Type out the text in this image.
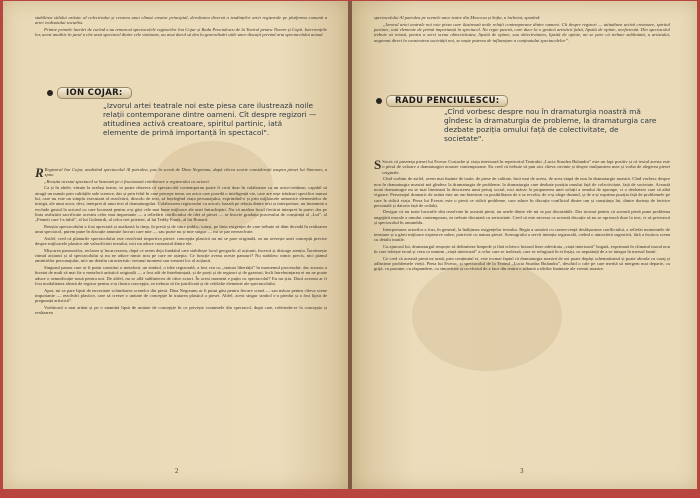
stabilirea stilului artistic al colectivului și crearea unui climat creator principial, devoltarea diversă a tendințelor artei regizorale pe platforma comună a artei realismului socialist.

Printre primele lucrări de curînd s-au remarcat spectacolele regizorilor Ion Cojar și Radu Penciulescu de la Teatrul pentru Tineret și Copii. Intervențiile lor, acest analitic în jurul a cîte unui spectacol dintre cele vizionate, au avut darul să dea la generalizări utile unor discuții privind arta spectacolului actual.

ION COJAR:
„Izvorul artei teatrale noi este piesa care ilustrează noile relații contemporane dintre oameni. Cît despre regizori — atitudinea activă creatoare, spiritul partinic, iată elemente de primă importanță în spectacol".

R Regizorul Ion Cojar, analizînd spectacolul Al patrulea, pus în scenă de Dina Negreanu, după cîteva scurte considerații asupra piesei lui Simonov, a spus:

„Reușita acestui spectacol se bazează pe o fructuoasă colaborare a regizorului cu actorii.

Ca și în altele, văzute la același teatru, se poate observa că spectacolul contemporan poate fi croit doar în colaborare cu un actor-cetățean, capabil să atragă un număr prin calitățile sale scenice, dar și prin felul în care percepe tema, un actor care posedă o inteligență vie, care are nișe trăsături specifice numai lui, care nu este un simplu executant al rezolvării, dincolo de text, să înțelegînd viața personajului, exprimînd-o și prin mijloacele armonice elementelor de intrigă, ale unui actor, deci, interpret al unui text al dramaturgului. Colaborarea regizorului cu actorii, bazată pe relația dintre text și interpretare, nu înseamnă a exclude gustul la actorul cu care lucrează pentru a-și găsi cele mai bune mijloace ale unei întruchipări. Nu vă analiza locul fiecărui interpret în parte; dar pe linia realizării sacrificate acestea celor mai importante — a reliefării conflictului de idei al piesei — se înscrie gradația procesului de conștiință al „Lui”, al „Femeii care l-a iubit”, al lui Guletardi, al celor trei prieteni, al lui Teddy Frank, al lui Bonard.

Reușita spectacolului a fost apreciată și analizată la timp, în presă și de către public; totuși, pe linia exigenței de care trebuie să dăm dovadă în realizarea unui spectacol, putem pune în discuție anumite lucruri care mie — sau poate nu și mie singur — mi se par nerezolvate.

Astfel, cred că planurile spectacolului este rezolvată importiva piesei: concepția plastică nu mi se pare originală, ea nu servește unei concepții precise despre mijloacele plastice ale valorificării textului, nici nu aduce contrastul dintre ele.

Mișcarea pamourilor, reclarea și încarcerarea, după ce avem deja fundalul care stabilește locul geografic al acțiunii, încercă și distrage atenția. Încetinește ritmul acțiunii și al spectacolului și nu ne aduce nimic nou pe care ne aștepta. Ce funcție aveau aceste panouri? Nu stabilesc nimic precis, nici planul amintirilor personajului, nici un detaliu caracteristic vreunui moment sau vreunei loc al acțiunii.

Singurul panou care ar fi putut constitui o metaforă, un simbol, o idee regizorală, a fost cea cu „statuia libertății” în momentul procesului: dar aceasta a încetat de mult să mai fie o metaforă artistică originală — a fost atît de întrebuințată, și de poeți și de regizori și de gazetari, încît întrebuințarea ei nu ne poate aduce o semnificație nouă pentru noi. De altfel, nu se află sublinierea de către actori. În acest moment e puțin cu spectacolul? Eu nu știu. Dacă aceasta ar fi fost modalitatea aleasă de regizor pentru a-și ilustra concepția, ea trebuia să fie justificată și de celelalte elemente ale spectacolului.

Apoi, mi se pare lipsit de necesitate schimbarea scenelor din piesă. Dina Negreanu ar fi putut găsi pentru fiecare scenă — sau măcar pentru cîteva scene importante — rezolvări plastice, care să creeze o unitate de concepție în tratarea plastică a piesei. Altfel, acest singur simbol s-a pierdut și a fost lipsit de pregnanță artistică”.

Vorbitorul a mai arătat și pe o anumită lipsă de unitate de concepție în ce privește costumele din spectacol, după care, referindu-se la concepția și realizarea

2

spectacolului Al patrulea pe scenele unor teatre din Moscova și Sofia, a încheiat, spunînd:

„Izvorul artei teatrale noi este piesa care ilustrează noile relații contemporane dintre oameni. Cît despre regizori — atitudinea activă creatoare, spiritul partinic, iată elemente de primă importanță în spectacol. Nu regie pasivă, care duce la o gestică artistică falsă, lipsită de opinie, neeficientă. Din spectacolul trebuie să reiasă, pentru a servi scena obiectivitatea, lipsită de opinie, sau obiectivitatea, lipsită de opinie, mi se pare că trebuie subliniată, a artistului, angrenat direct în construirea societății noi, se naște puterea de influențare a conținutului spectacolelor”.

RADU PENCIULESCU:
„Cînd vorbesc despre nou în dramaturgia noastră mă gîndesc la dramaturgia de probleme, la dramaturgia care dezbate poziția omului față de colectivitate, de societate".

S Socot că prezența piesei lui Everac Costache și viața interioară în repertoriul Teatrului „Lucia Sturdza Bulandra” este un fapt pozitiv și că textul acesta este o piesă de valoare a dramaturgiei noastre contemporane. Eu cred că trebuie să pun aici cîteva cuvinte și despre mulțumirea mea și vorba de alegerea piesei originale.

Cînd vorbim de astfel, avem mai înainte de toate, de piese de calitate, încă mai de aceea, de acea etapă de nou în dramaturgie noastră. Cînd vorbesc despre nou în dramaturgia noastră mă gîndesc la dramaturgia de probleme, la dramaturgia care dezbate poziția omului față de colectivitate, față de societate. Această nouă dramaturgie nu se mai limitează la descrierea unui peisaj social, nici măcar la propunerea unei soluții a omului de aproape, ci o dezbatere care să aibă vigoare. Personajul dramatic de astăzi este un om înzestrat cu posibilitatea de a se revolta, de a-și alege drumul, și de a-și exprima poziția față de problemele pe care le ridică viața. Piesa lui Everac este o piesă ce ridică probleme, care aduce în discuție conflictul dintre om și conștiința lui, dintre dorința de fericire personală și datoria față de ceilalți.

Desigur că nu toate lucrurile sînt rezolvate în această piesă, iar unele dintre ele mi se par discutabile. Dar tocmai pentru că această piesă pune problema angajării morale a omului contemporan, ea trebuie discutată cu seriozitate. Cred că este necesar ca această discuție să nu se oprească doar la text, ci să privească și spectacolul în ansamblu.

Interpretarea actorilor a fost, în general, la înălțimea exigențelor textului. Regia a urmărit cu consecvență desfășurarea conflictului, a reliefat momentele de tensiune și a găsit mijloace expresive sobre, potrivite cu natura piesei. Scenografia a servit intenția regizorală, creînd o atmosferă sugestivă, fără a încărca scena cu detalii inutile.

Cu ajutorul lui, dramaturgul reușește să delimiteze limpede și fără echivoc hotarul între adevărata „viață interioară” bogată, exprimată în climatul moral nou în care trăiește eroul și ceea ce numim „viață interioară” a celor care se izolează, care se refugiază în ei înșiși, cu neputință de a se integra în mersul lumii.

Ce cred că această piesă ne arată, prin conținutul ei, este tocmai faptul că dramaturgia noastră de azi poate depăși schematismul și poate aborda cu curaj și adîncime problemele vieții. Piesa lui Everac, și spectacolul de la Teatrul „Lucia Sturdza Bulandra”, deschid o cale pe care merită să mergem mai departe, cu grijă, cu pasiune, cu răspundere, cu sinceritate și cu efortul de a face din teatru o tribună a ideilor înaintate ale vremii noastre.

3
